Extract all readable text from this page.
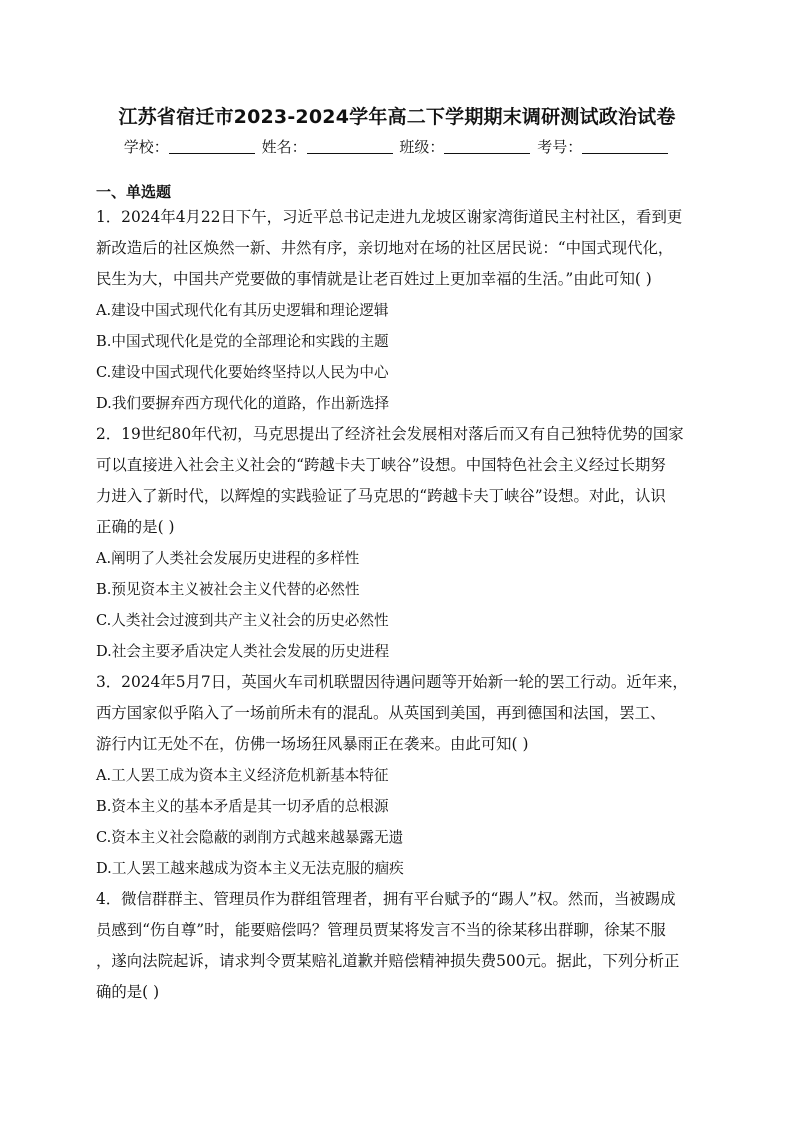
江苏省宿迁市2023-2024学年高二下学期期末调研测试政治试卷
学校：	姓名：	班级：	考号：
一、单选题
1．2024年4月22日下午，习近平总书记走进九龙坡区谢家湾街道民主村社区，看到更
新改造后的社区焕然一新、井然有序，亲切地对在场的社区居民说：“中国式现代化，
民生为大，中国共产党要做的事情就是让老百姓过上更加幸福的生活。”由此可知( )
A.建设中国式现代化有其历史逻辑和理论逻辑
B.中国式现代化是党的全部理论和实践的主题
C.建设中国式现代化要始终坚持以人民为中心
D.我们要摒弃西方现代化的道路，作出新选择
2．19世纪80年代初，马克思提出了经济社会发展相对落后而又有自己独特优势的国家
可以直接进入社会主义社会的“跨越卡夫丁峡谷”设想。中国特色社会主义经过长期努
力进入了新时代，以辉煌的实践验证了马克思的“跨越卡夫丁峡谷”设想。对此，认识
正确的是( )
A.阐明了人类社会发展历史进程的多样性
B.预见资本主义被社会主义代替的必然性
C.人类社会过渡到共产主义社会的历史必然性
D.社会主要矛盾决定人类社会发展的历史进程
3．2024年5月7日，英国火车司机联盟因待遇问题等开始新一轮的罢工行动。近年来，
西方国家似乎陷入了一场前所未有的混乱。从英国到美国，再到德国和法国，罢工、
游行内讧无处不在，仿佛一场场狂风暴雨正在袭来。由此可知( )
A.工人罢工成为资本主义经济危机新基本特征
B.资本主义的基本矛盾是其一切矛盾的总根源
C.资本主义社会隐蔽的剥削方式越来越暴露无遗
D.工人罢工越来越成为资本主义无法克服的痼疾
4．微信群群主、管理员作为群组管理者，拥有平台赋予的“踢人”权。然而，当被踢成
员感到“伤自尊”时，能要赔偿吗？管理员贾某将发言不当的徐某移出群聊，徐某不服
，遂向法院起诉，请求判令贾某赔礼道歉并赔偿精神损失费500元。据此，下列分析正
确的是( )
